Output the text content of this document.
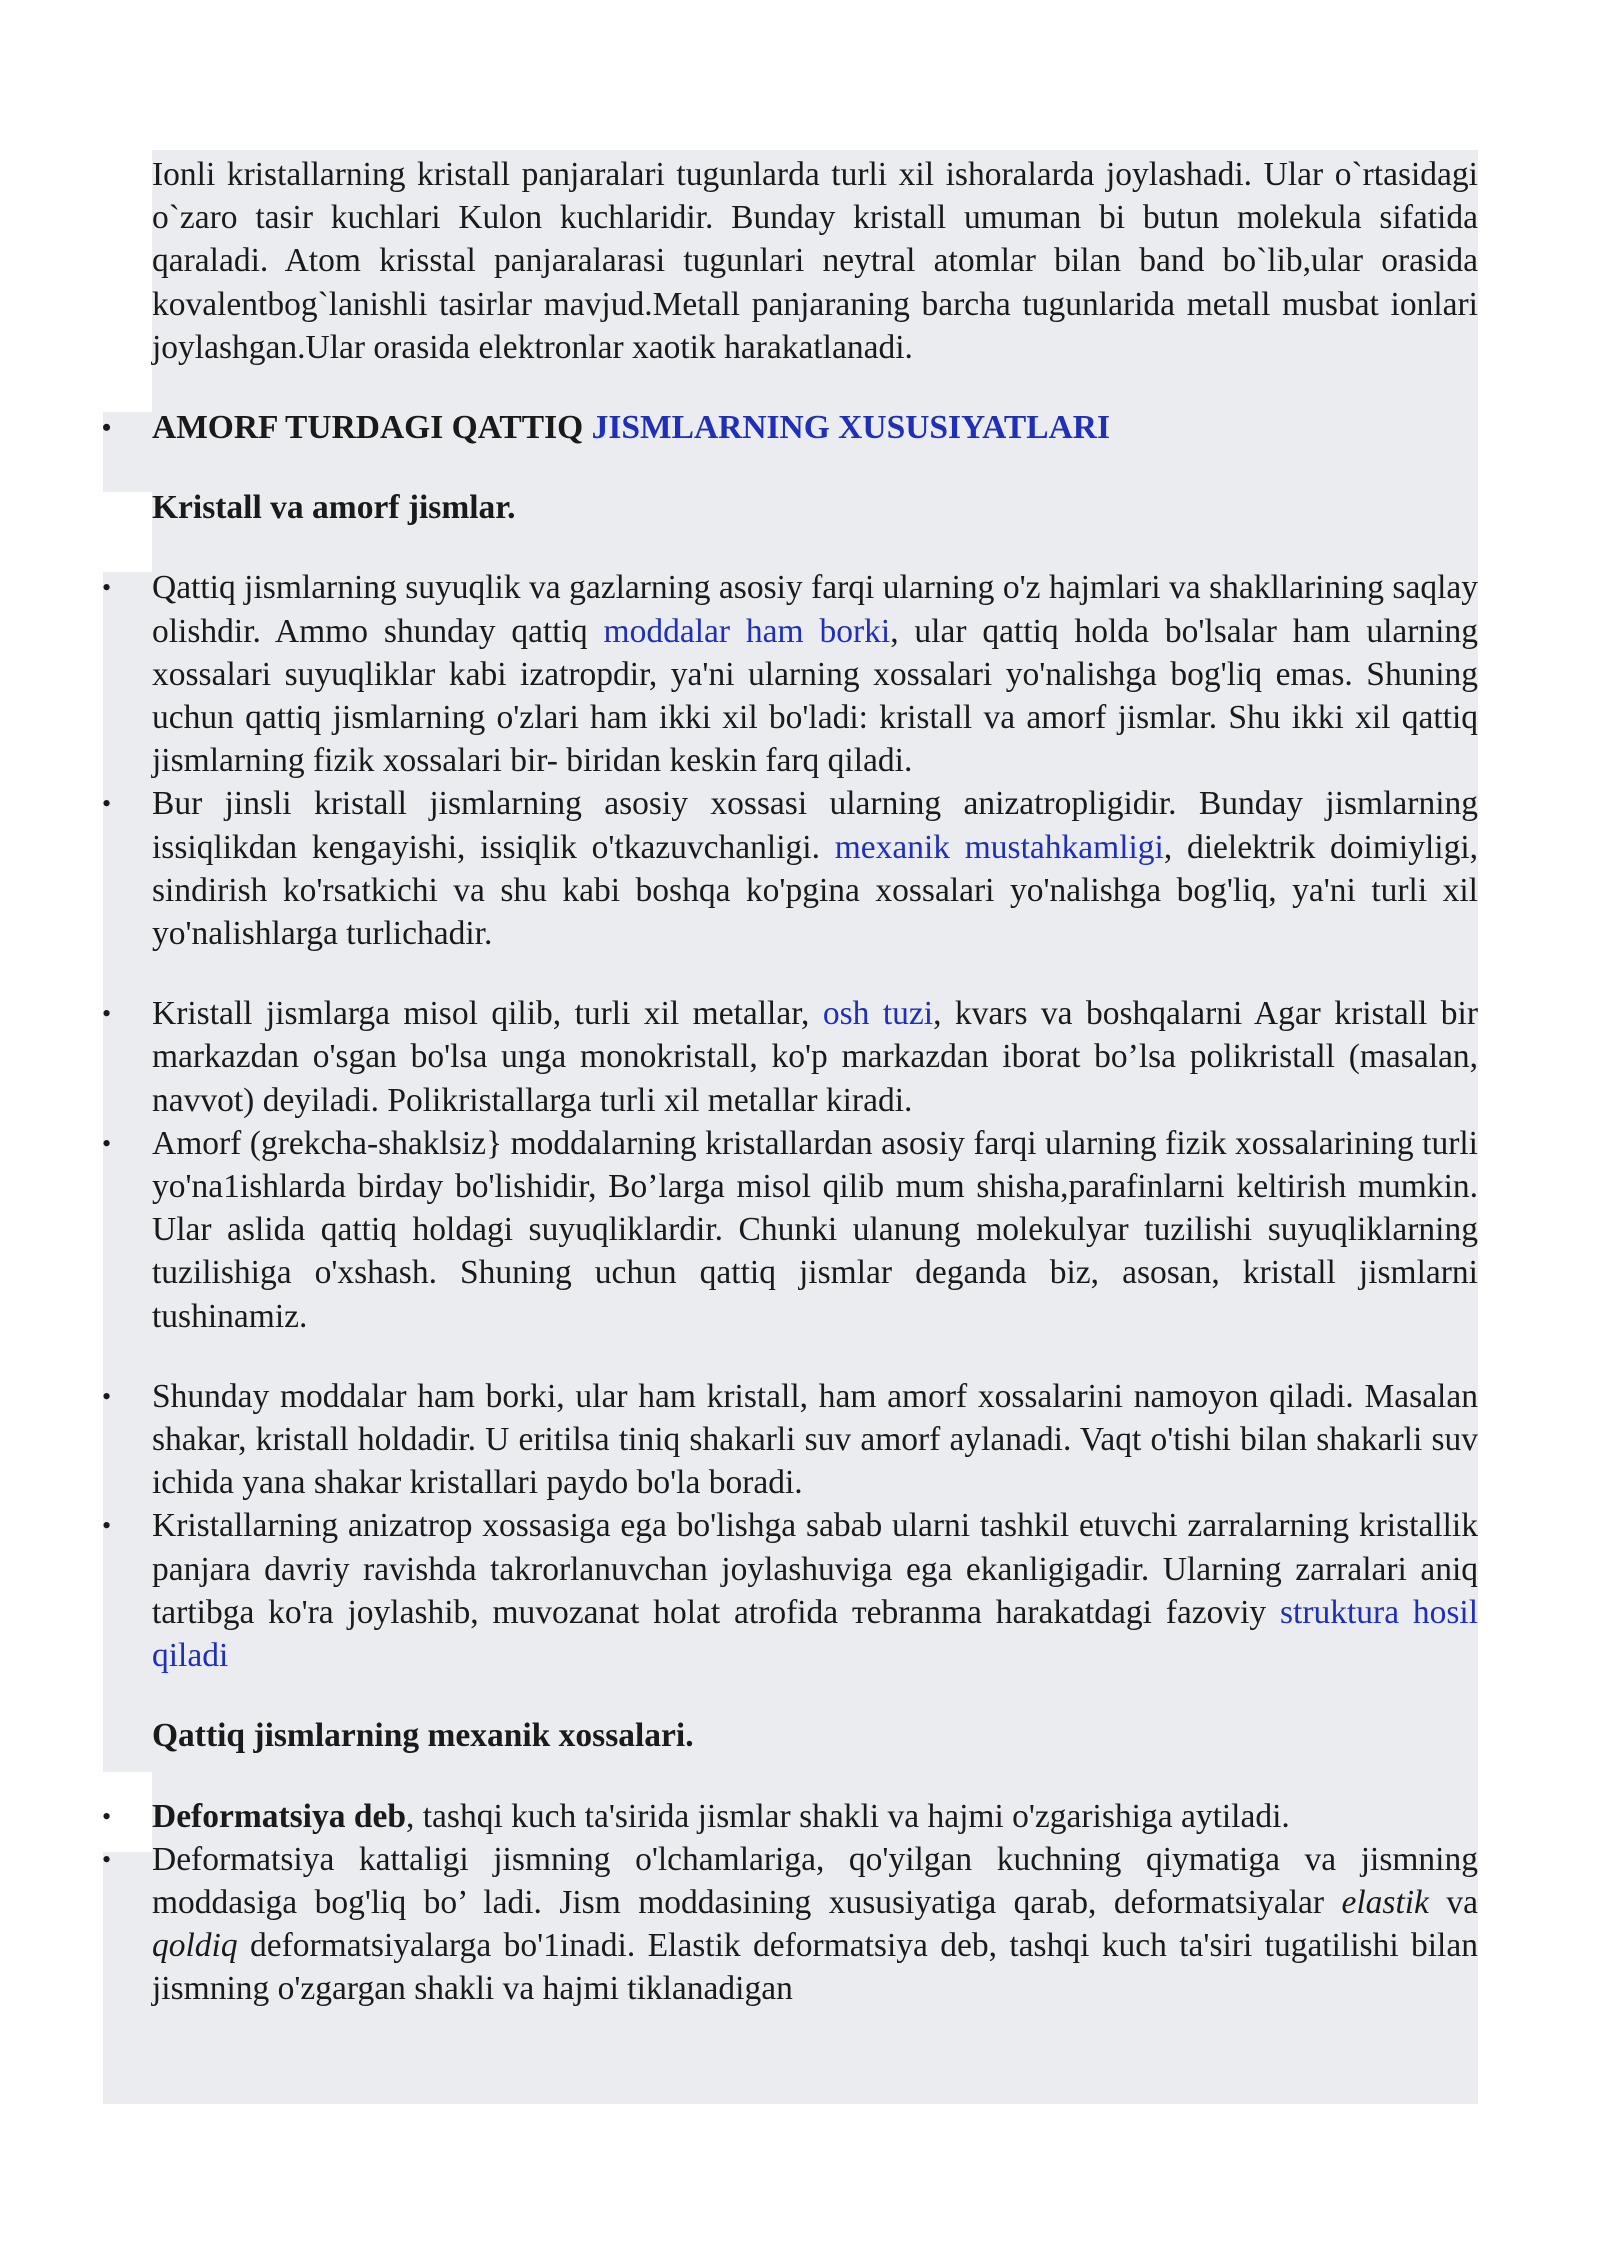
Ionli kristallarning kristall panjaralari tugunlarda turli xil ishoralarda joylashadi. Ular o`rtasidagi o`zaro tasir kuchlari Kulon kuchlaridir. Bunday kristall umuman bi butun molekula sifatida qaraladi. Atom krisstal panjaralarasi tugunlari neytral atomlar bilan band bo`lib,ular orasida kovalentbog`lanishli tasirlar mavjud.Metall panjaraning barcha tugunlarida metall musbat ionlari joylashgan.Ular orasida elektronlar xaotik harakatlanadi.

• AMORF TURDAGI QATTIQ JISMLARNING XUSUSIYATLARI

Kristall va amorf jismlar.

• Qattiq jismlarning suyuqlik va gazlarning asosiy farqi ularning o'z hajmlari va shakllarining saqlay olishdir. Ammo shunday qattiq moddalar ham borki, ular qattiq holda bo'lsalar ham ularning xossalari suyuqliklar kabi izatropdir, ya'ni ularning xossalari yo'nalishga bog'liq emas. Shuning uchun qattiq jismlarning o'zlari ham ikki xil bo'ladi: kristall va amorf jismlar. Shu ikki xil qattiq jismlarning fizik xossalari bir- biridan keskin farq qiladi.
• Bur jinsli kristall jismlarning asosiy xossasi ularning anizatropligidir. Bunday jismlarning issiqlikdan kengayishi, issiqlik o'tkazuvchanligi. mexanik mustahkamligi, dielektrik doimiyligi, sindirish ko'rsatkichi va shu kabi boshqa ko'pgina xossalari yo'nalishga bog'liq, ya'ni turli xil yo'nalishlarga turlichadir.
• Kristall jismlarga misol qilib, turli xil metallar, osh tuzi, kvars va boshqalarni Agar kristall bir markazdan o'sgan bo'lsa unga monokristall, ko'p markazdan iborat bo’lsa polikristall (masalan, navvot) deyiladi. Polikristallarga turli xil metallar kiradi.
• Amorf (grekcha-shaklsiz} moddalarning kristallardan asosiy farqi ularning fizik xossalarining turli yo'na1ishlarda birday bo'lishidir, Bo’larga misol qilib mum shisha,parafinlarni keltirish mumkin. Ular aslida qattiq holdagi suyuqliklardir. Chunki ulanung molekulyar tuzilishi suyuqliklarning tuzilishiga o'xshash. Shuning uchun qattiq jismlar deganda biz, asosan, kristall jismlarni tushinamiz.
• Shunday moddalar ham borki, ular ham kristall, ham amorf xossalarini namoyon qiladi. Masalan shakar, kristall holdadir. U eritilsa tiniq shakarli suv amorf aylanadi. Vaqt o'tishi bilan shakarli suv ichida yana shakar kristallari paydo bo'la boradi.
• Kristallarning anizatrop xossasiga ega bo'lishga sabab ularni tashkil etuvchi zarralarning kristallik panjara davriy ravishda takrorlanuvchan joylashuviga ega ekanligigadir. Ularning zarralari aniq tartibga ko'ra joylashib, muvozanat holat atrofida тebranma harakatdagi fazoviy struktura hosil qiladi

Qattiq jismlarning mexanik xossalari.

• Deformatsiya deb, tashqi kuch ta'sirida jismlar shakli va hajmi o'zgarishiga aytiladi.
• Deformatsiya kattaligi jismning o'lchamlariga, qo'yilgan kuchning qiymatiga va jismning moddasiga bog'liq bo’ ladi. Jism moddasining xususiyatiga qarab, deformatsiyalar elastik va qoldiq deformatsiyalarga bo'1inadi. Elastik deformatsiya deb, tashqi kuch ta'siri tugatilishi bilan jismning o'zgargan shakli va hajmi tiklanadigan
